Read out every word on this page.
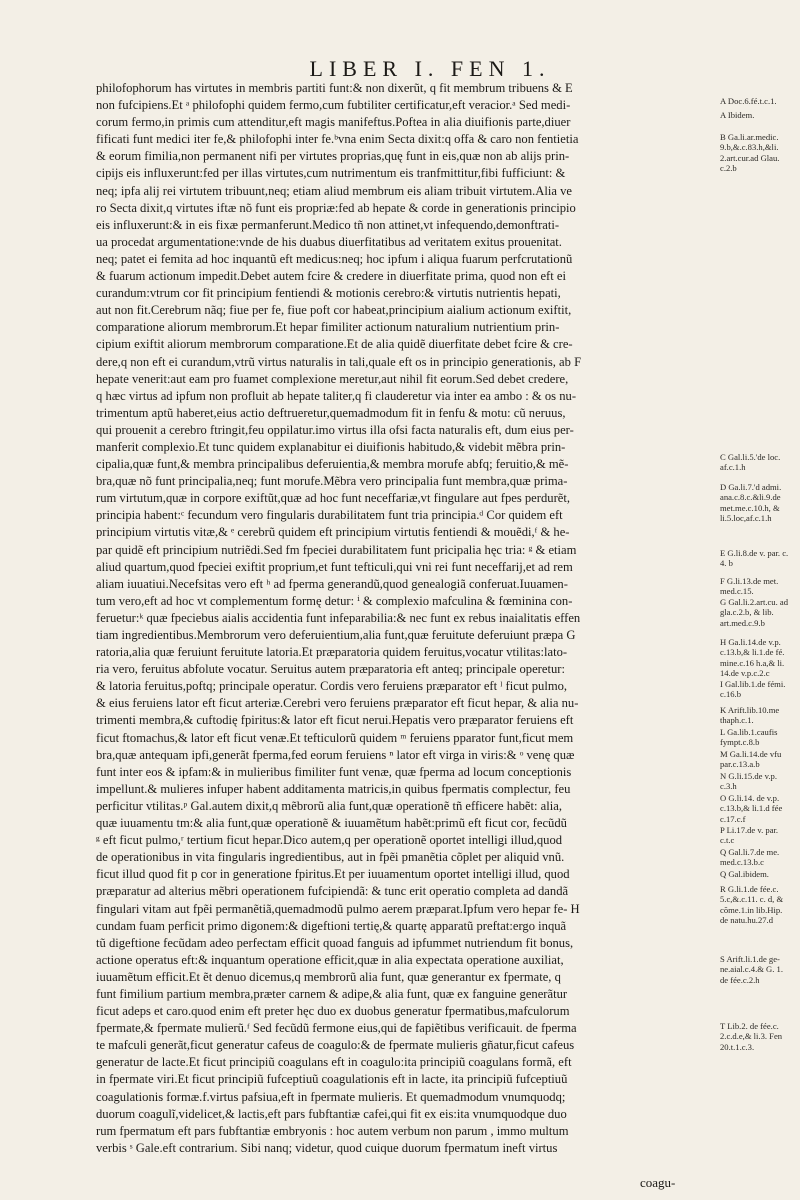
LIBER I. FEN 1.
philofophorum has virtutes in membris partiti funt:& non dixerũt, q fit membrum tribuens & E
non fufcipiens.Et ᵃ philofophi quidem fermo,cum fubtiliter certificatur,eft veracior.ᵃ Sed medi-
corum fermo,in primis cum attenditur,eft magis manifeftus.Poftea in alia diuifionis parte,diuer
fificati funt medici iter fe,& philofophi inter fe.ᵇvna enim Secta dixit:q offa & caro non fentietia
& eorum fimilia,non permanent nifi per virtutes proprias,quę funt in eis,quæ non ab alijs prin-
cipijs eis influxerunt:fed per illas virtutes,cum nutrimentum eis tranfmittitur,fibi fufficiunt: &
neq; ipfa alij rei virtutem tribuunt,neq; etiam aliud membrum eis aliam tribuit virtutem.Alia ve
ro Secta dixit,q virtutes iftæ nõ funt eis propriæ:fed ab hepate & corde in generationis principio
eis influxerunt:& in eis fixæ permanferunt.Medico tñ non attinet,vt infequendo,demonftrati-
ua procedat argumentatione:vnde de his duabus diuerfitatibus ad veritatem exitus prouenitat.
neq; patet ei femita ad hoc inquantũ eft medicus:neq; hoc ipfum i aliqua fuarum perfcrutationũ
& fuarum actionum impedit.Debet autem fcire & credere in diuerfitate prima, quod non eft ei
curandum:vtrum cor fit principium fentiendi & motionis cerebro:& virtutis nutrientis hepati,
aut non fit.Cerebrum nãq; fiue per fe, fiue poft cor habeat,principium aialium actionum exiftit,
comparatione aliorum membrorum.Et hepar fimiliter actionum naturalium nutrientium prin-
cipium exiftit aliorum membrorum comparatione.Et de alia quidẽ diuerfitate debet fcire & cre-
dere,q non eft ei curandum,vtrũ virtus naturalis in tali,quale eft os in principio generationis, ab F
hepate venerit:aut eam pro fuamet complexione meretur,aut nihil fit eorum.Sed debet credere,
q hæc virtus ad ipfum non profluit ab hepate taliter,q fi clauderetur via inter ea ambo : & os nu-
trimentum aptũ haberet,eius actio deftrueretur,quemadmodum fit in fenfu & motu: cũ neruus,
qui prouenit a cerebro ftringit,feu oppilatur.imo virtus illa ofsi facta naturalis eft, dum eius per-
manferit complexio.Et tunc quidem explanabitur ei diuifionis habitudo,& videbit mẽbra prin-
cipalia,quæ funt,& membra principalibus deferuientia,& membra morufe abfq; feruitio,& mẽ-
bra,quæ nõ funt principalia,neq; funt morufe.Mẽbra vero principalia funt membra,quæ prima-
rum virtutum,quæ in corpore exiftũt,quæ ad hoc funt neceffariæ,vt fingulare aut fpes perdurẽt,
principia habent:ᶜ fecundum vero fingularis durabilitatem funt tria principia.ᵈ Cor quidem eft
principium virtutis vitæ,& ᵉ cerebrũ quidem eft principium virtutis fentiendi & mouẽdi,ᶠ & he-
par quidẽ eft principium nutriẽdi.Sed fm fpeciei durabilitatem funt pricipalia hęc tria: ᵍ & etiam
aliud quartum,quod fpeciei exiftit proprium,et funt tefticuli,qui vni rei funt neceffarij,et ad rem
aliam iuuatiui.Necefsitas vero eft ʰ ad fperma generandũ,quod genealogiã conferuat.Iuuamen-
tum vero,eft ad hoc vt complementum formę detur: ⁱ & complexio mafculina & fœminina con-
feruetur:ᵏ quæ fpeciebus aialis accidentia funt infeparabilia:& nec funt ex rebus inaialitatis effen
tiam ingredientibus.Membrorum vero deferuientium,alia funt,quæ feruitute deferuiunt præpa G
ratoria,alia quæ feruiunt feruitute latoria.Et præparatoria quidem feruitus,vocatur vtilitas:lato-
ria vero, feruitus abfolute vocatur. Seruitus autem præparatoria eft anteq; principale operetur:
& latoria feruitus,poftq; principale operatur. Cordis vero feruiens præparator eft ˡ ficut pulmo,
& eius feruiens lator eft ficut arteriæ.Cerebri vero feruiens præparator eft ficut hepar, & alia nu-
trimenti membra,& cuftodię fpiritus:& lator eft ficut nerui.Hepatis vero præparator feruiens eft
ficut ftomachus,& lator eft ficut venæ.Et tefticulorũ quidem ᵐ feruiens pparator funt,ficut mem
bra,quæ antequam ipfi,generãt fperma,fed eorum feruiens ⁿ lator eft virga in viris:& ᵒ venę quæ
funt inter eos & ipfam:& in mulieribus fimiliter funt venæ, quæ fperma ad locum conceptionis
impellunt.& mulieres infuper habent additamenta matricis,in quibus fpermatis complectur, feu
perficitur vtilitas.ᵖ Gal.autem dixit,q mẽbrorũ alia funt,quæ operationẽ tñ efficere habẽt: alia,
quæ iuuamentu tm:& alia funt,quæ operationẽ & iuuamẽtum habẽt:primũ eft ficut cor, fecũdũ
ᵍ eft ficut pulmo,ʳ tertium ficut hepar.Dico autem,q per operationẽ oportet intelligi illud,quod
de operationibus in vita fingularis ingredientibus, aut in fpẽi pmanẽtia cõplet per aliquid vnũ.
ficut illud quod fit p cor in generatione fpiritus.Et per iuuamentum oportet intelligi illud, quod
præparatur ad alterius mẽbri operationem fufcipiendã: & tunc erit operatio completa ad dandã
fingulari vitam aut fpẽi permanẽtiã,quemadmodũ pulmo aerem præparat.Ipfum vero hepar fe- H
cundam fuam perficit primo digonem:& digeftioni tertię,& quartę apparatũ preftat:ergo inquã
tũ digeftione fecũdam adeo perfectam efficit quoad fanguis ad ipfummet nutriendum fit bonus,
actione operatus eft:& inquantum operatione efficit,quæ in alia expectata operatione auxiliat,
iuuamẽtum efficit.Et ẽt denuo dicemus,q membrorũ alia funt, quæ generantur ex fpermate, q
funt fimilium partium membra,præter carnem & adipe,& alia funt, quæ ex fanguine generãtur
ficut adeps et caro.quod enim eft preter hęc duo ex duobus generatur fpermatibus,mafculorum
fpermate,& fpermate mulierũ.ᶠ Sed fecũdũ fermone eius,qui de fapiẽtibus verificauit. de fperma
te mafculi generãt,ficut generatur cafeus de coagulo:& de fpermate mulieris gñatur,ficut cafeus
generatur de lacte.Et ficut principiũ coagulans eft in coagulo:ita principiũ coagulans formã, eft
in fpermate viri.Et ficut principiũ fufceptiuũ coagulationis eft in lacte, ita principiũ fufceptiuũ
coagulationis formæ.f.virtus pafsiua,eft in fpermate mulieris. Et quemadmodum vnumquodq;
duorum coagulĩ,videlicet,& lactis,eft pars fubftantiæ cafei,qui fit ex eis:ita vnumquodque duo
rum fpermatum eft pars fubftantiæ embryonis : hoc autem verbum non parum , immo multum
verbis ˢ Gale.eft contrarium. Sibi nanq; videtur, quod cuique duorum fpermatum ineft virtus
A Doc.6.fé.t.c.1.
A Ibidem.
B Ga.li.ar.medic. 9.b,&.c.83.h,&li. 2.art.cur.ad Glau. c.2.b
C Gal.li.5.'de loc. af.c.1.h
D Ga.li.7.'d admi. ana.c.8.c.&li.9.de met.me.c.10.h, & li.5.loc,af.c.1.h
E G.li.8.de v. par. c. 4. b
F G.li.13.de met. med.c.15.
G Gal.li.2.art.cu. ad gla.c.2.b, & lib. art.med.c.9.b
H Ga.li.14.de v.p. c.13.b,& li.1.de fé. mine.c.16 h.a,& li. 14.de v.p.c.2.c
I Gal.lib.1.de fémi. c.16.b
K Arift.lib.10.me thaph.c.1.
L Ga.lib.1.caufis fympt.c.8.b
M Ga.li.14.de vfu par.c.13.a.b
N G.li.15.de v.p. c.3.h
O G.li.14. de v.p. c.13.b,& li.1.d fée c.17.c.f
P Li.17.de v. par. c.t.c
Q Gal.li.7.de me. med.c.13.b.c
Q Gal.ibidem.
R G.li.1.de fée.c. 5.c,&.c.11. c. d, & cõme.1.in lib.Hip. de natu.hu.27.d
S Arift.li.1.de ge- ne.aial.c.4.& G. 1. de fée.c.2.h
T Lib.2. de fée.c. 2.c.d.e,& li.3. Fen 20.t.1.c.3.
coagu-
